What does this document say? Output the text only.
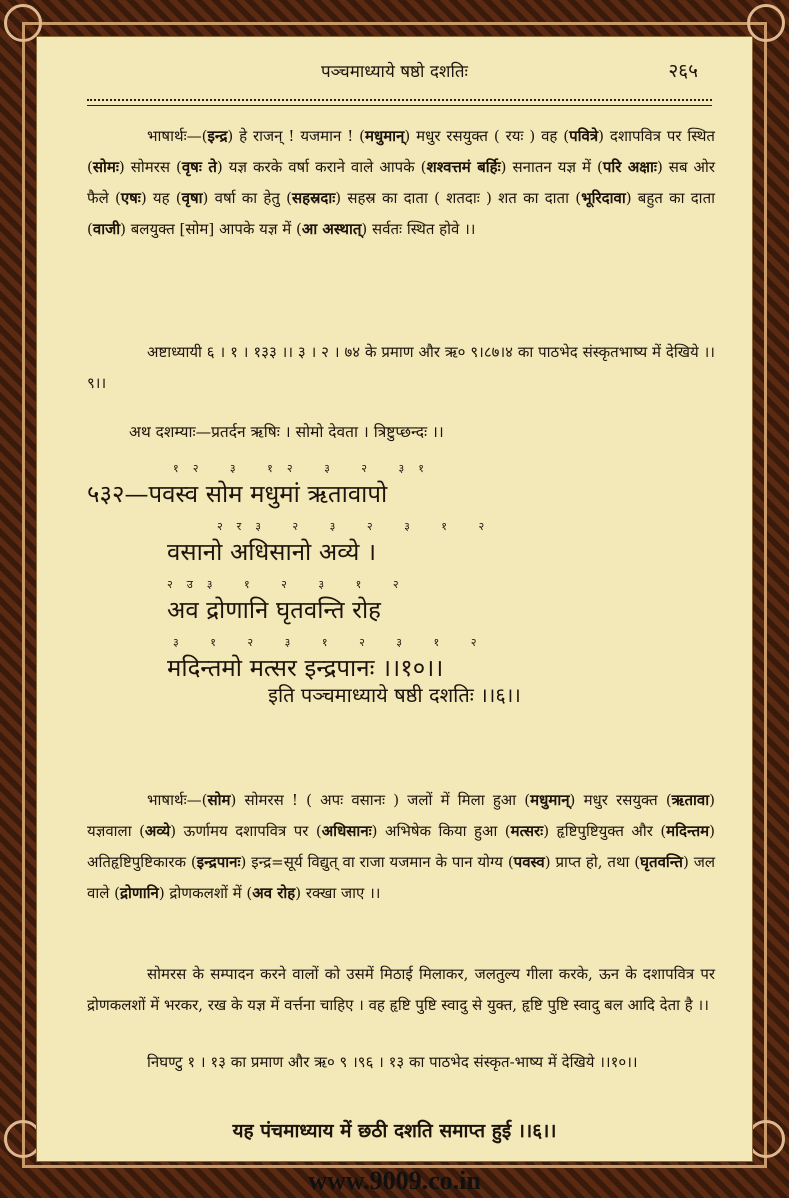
पञ्चमाध्याये षष्ठो दशतिः	२६५
भाषार्थः—(इन्द्र) हे राजन् ! यजमान ! (मधुमान्) मधुर रसयुक्त ( रयः ) वह (पवित्रे) दशापवित्र पर स्थित (सोमः) सोमरस (वृषः ते) यज्ञ करके वर्षा कराने वाले आपके (शश्वत्तमं बर्हिः) सनातन यज्ञ में (परि अक्षाः) सब ओर फैले (एषः) यह (वृषा) वर्षा का हेतु (सहस्रदाः) सहस्र का दाता ( शतदाः ) शत का दाता (भूरिदावा) बहुत का दाता (वाजी) बलयुक्त [सोम] आपके यज्ञ में (आ अस्थात्) सर्वतः स्थित होवे ।।
अष्टाध्यायी ६ । १ । १३३ ।। ३ । २ । ७४ के प्रमाण और ऋ० ९।८७।४ का पाठभेद संस्कृतभाष्य में देखिये ।।९।।
अथ दशम्याः—प्रतर्दन ऋषिः । सोमो देवता । त्रिष्टुप्छन्दः ।।
१२ ३ १२ ३ २ ३१
५३२—पवस्व सोम मधुमां ऋतावापो
२र३ २ ३ २ ३ १ २
वसानो अधिसानो अव्ये ।
२उ३ १ २ ३ १ २
अव द्रोणानि घृतवन्ति रोह
३ १ २ ३ १ २ ३ १ २
मदिन्तमो मत्सर इन्द्रपानः ।।१०।।
इति पञ्चमाध्याये षष्ठी दशतिः ।।६।।
भाषार्थः—(सोम) सोमरस ! ( अपः वसानः ) जलों में मिला हुआ (मधुमान्) मधुर रसयुक्त (ऋतावा) यज्ञवाला (अव्ये) ऊर्णामय दशापवित्र पर (अधिसानः) अभिषेक किया हुआ (मत्सरः) हृष्टिपुष्टियुक्त और (मदिन्तम) अतिहृष्टिपुष्टिकारक (इन्द्रपानः) इन्द्र=सूर्य विद्युत् वा राजा यजमान के पान योग्य (पवस्व) प्राप्त हो, तथा (घृतवन्ति) जल वाले (द्रोणानि) द्रोणकलशों में (अव रोह) रक्खा जाए ।।
सोमरस के सम्पादन करने वालों को उसमें मिठाई मिलाकर, जलतुल्य गीला करके, ऊन के दशापवित्र पर द्रोणकलशों में भरकर, रख के यज्ञ में वर्त्तना चाहिए । वह हृष्टि पुष्टि स्वादु से युक्त, हृष्टि पुष्टि स्वादु बल आदि देता है ।।
निघण्टु १ । १३ का प्रमाण और ऋ० ९ ।९६ । १३ का पाठभेद संस्कृत-भाष्य में देखिये ।।१०।।
यह पंचमाध्याय में छठी दशति समाप्त हुई ।।६।।
www.9009.co.in
